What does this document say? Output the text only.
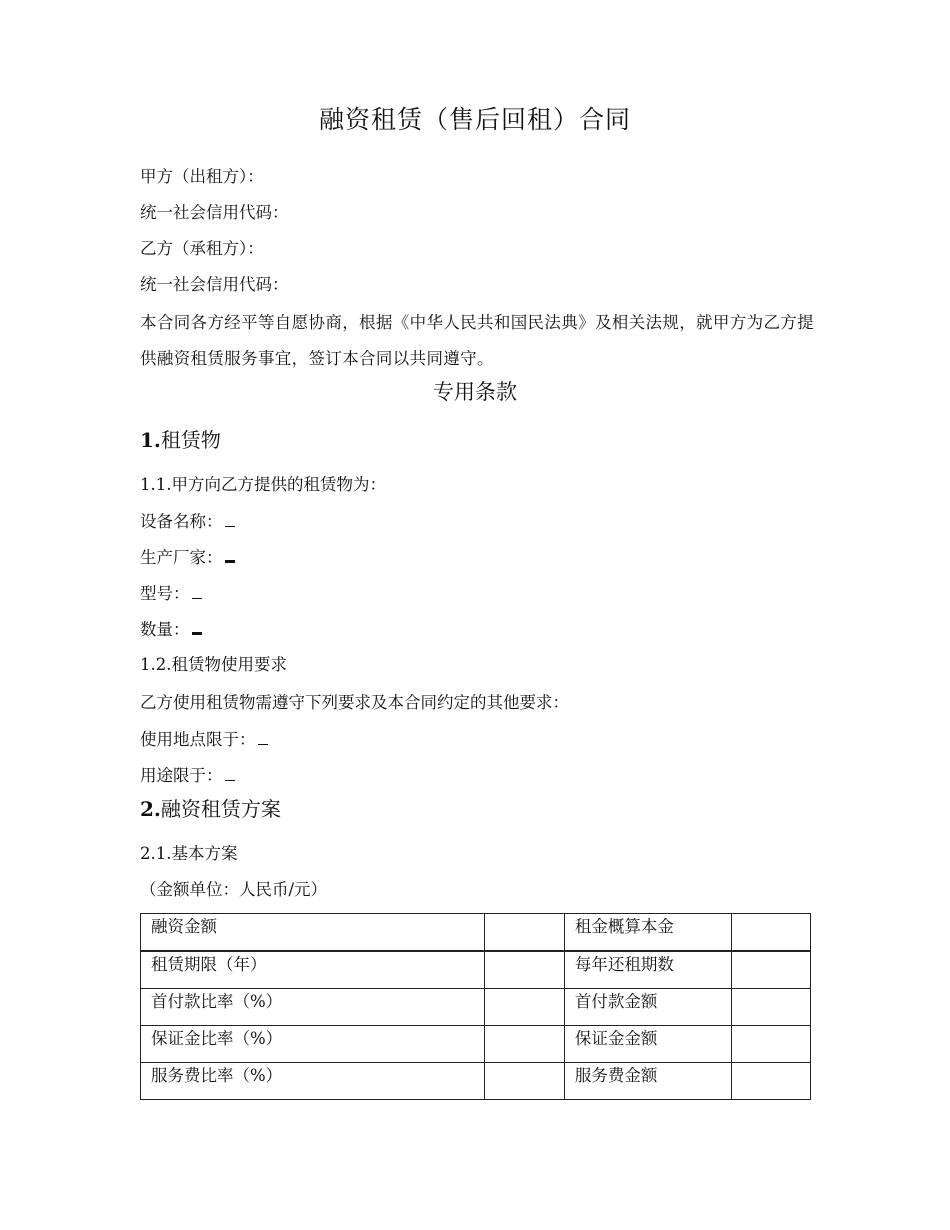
融资租赁（售后回租）合同
甲方（出租方）：
统一社会信用代码：
乙方（承租方）：
统一社会信用代码：
本合同各方经平等自愿协商，根据《中华人民共和国民法典》及相关法规，就甲方为乙方提供融资租赁服务事宜，签订本合同以共同遵守。
专用条款
1.租赁物
1.1.甲方向乙方提供的租赁物为：
设备名称：
生产厂家：
型号：
数量：
1.2.租赁物使用要求
乙方使用租赁物需遵守下列要求及本合同约定的其他要求：
使用地点限于：
用途限于：
2.融资租赁方案
2.1.基本方案
（金额单位：人民币/元）
融资金额		租金概算本金	
租赁期限（年）		每年还租期数	
首付款比率（%）		首付款金额	
保证金比率（%）		保证金金额	
服务费比率（%）		服务费金额	
